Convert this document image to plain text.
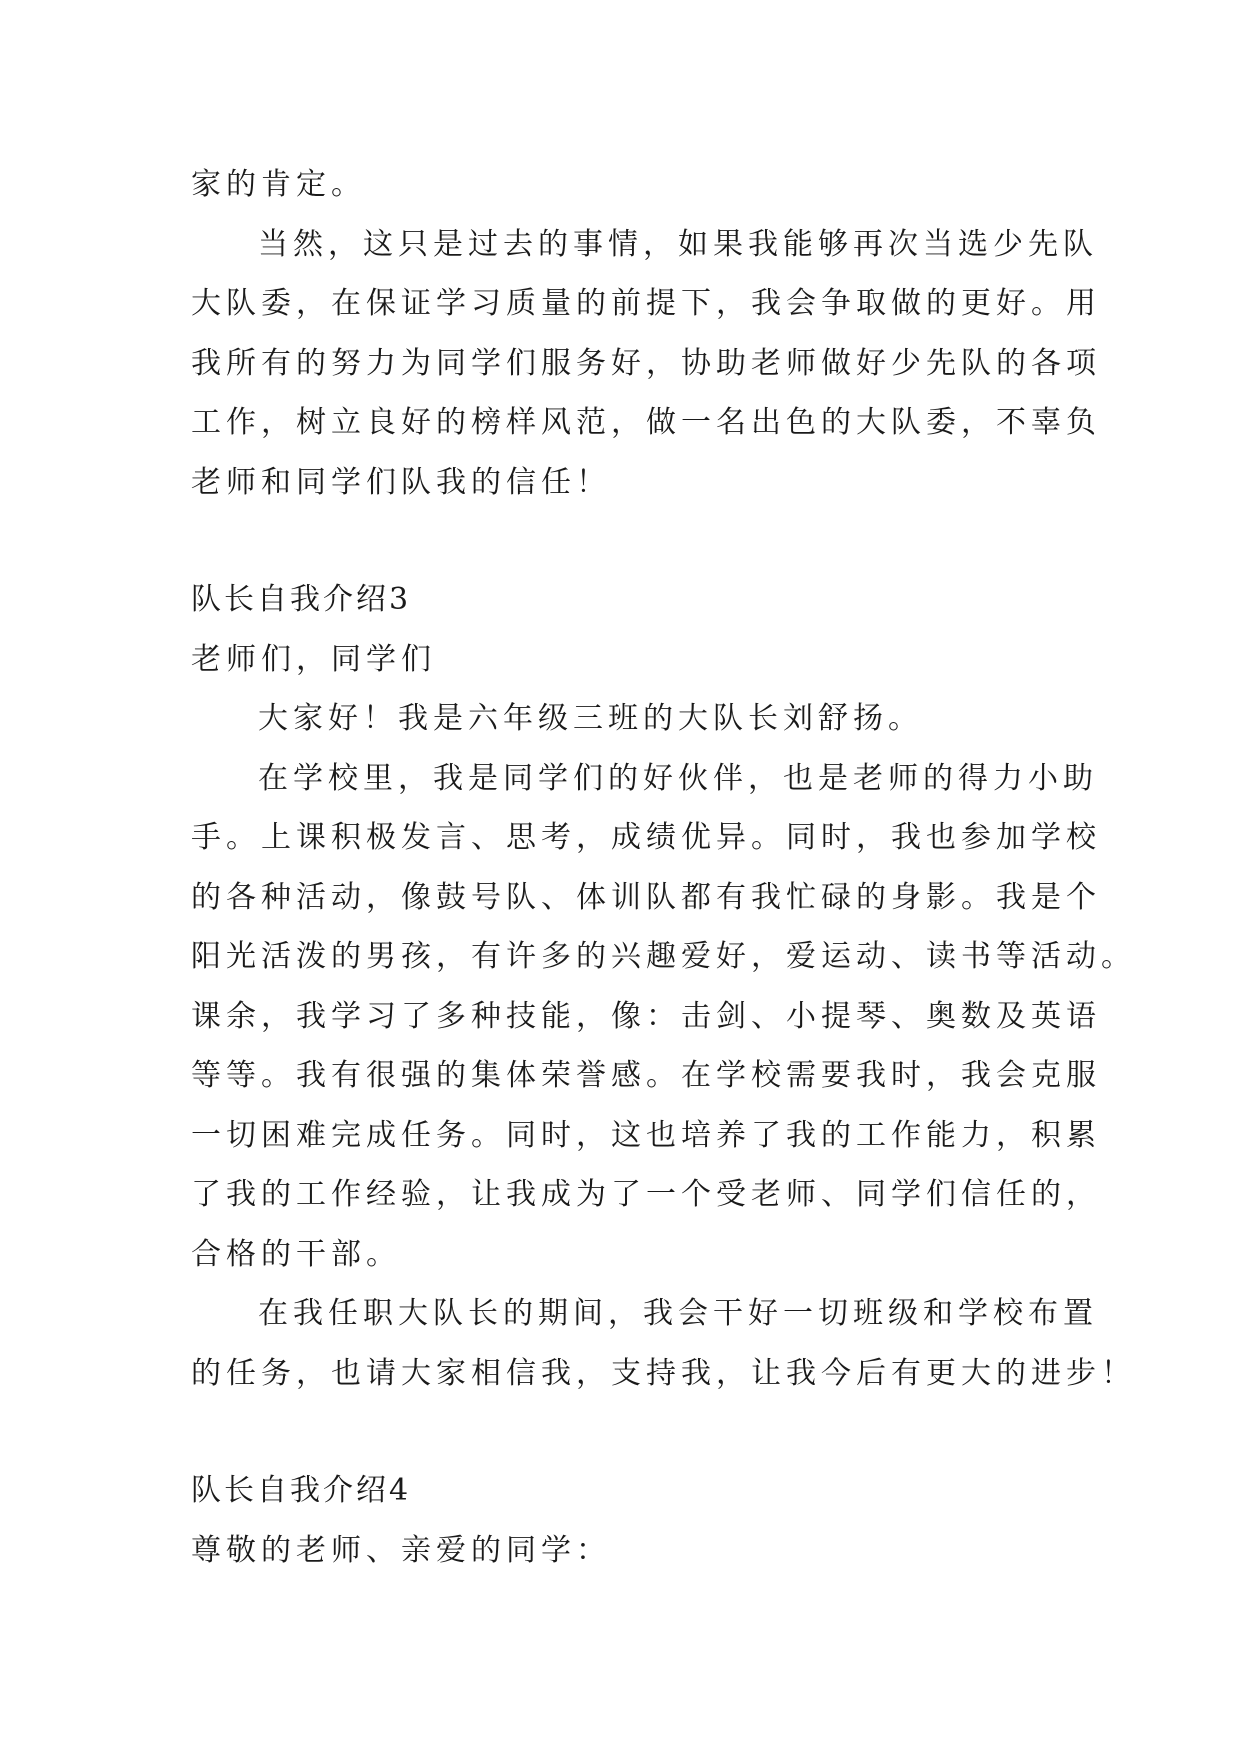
家的肯定。
当然，这只是过去的事情，如果我能够再次当选少先队
大队委，在保证学习质量的前提下，我会争取做的更好。用
我所有的努力为同学们服务好，协助老师做好少先队的各项
工作，树立良好的榜样风范，做一名出色的大队委，不辜负
老师和同学们队我的信任！
队长自我介绍3
老师们，同学们
大家好！我是六年级三班的大队长刘舒扬。
在学校里，我是同学们的好伙伴，也是老师的得力小助
手。上课积极发言、思考，成绩优异。同时，我也参加学校
的各种活动，像鼓号队、体训队都有我忙碌的身影。我是个
阳光活泼的男孩，有许多的兴趣爱好，爱运动、读书等活动。
课余，我学习了多种技能，像：击剑、小提琴、奥数及英语
等等。我有很强的集体荣誉感。在学校需要我时，我会克服
一切困难完成任务。同时，这也培养了我的工作能力，积累
了我的工作经验，让我成为了一个受老师、同学们信任的，
合格的干部。
在我任职大队长的期间，我会干好一切班级和学校布置
的任务，也请大家相信我，支持我，让我今后有更大的进步！
队长自我介绍4
尊敬的老师、亲爱的同学：
